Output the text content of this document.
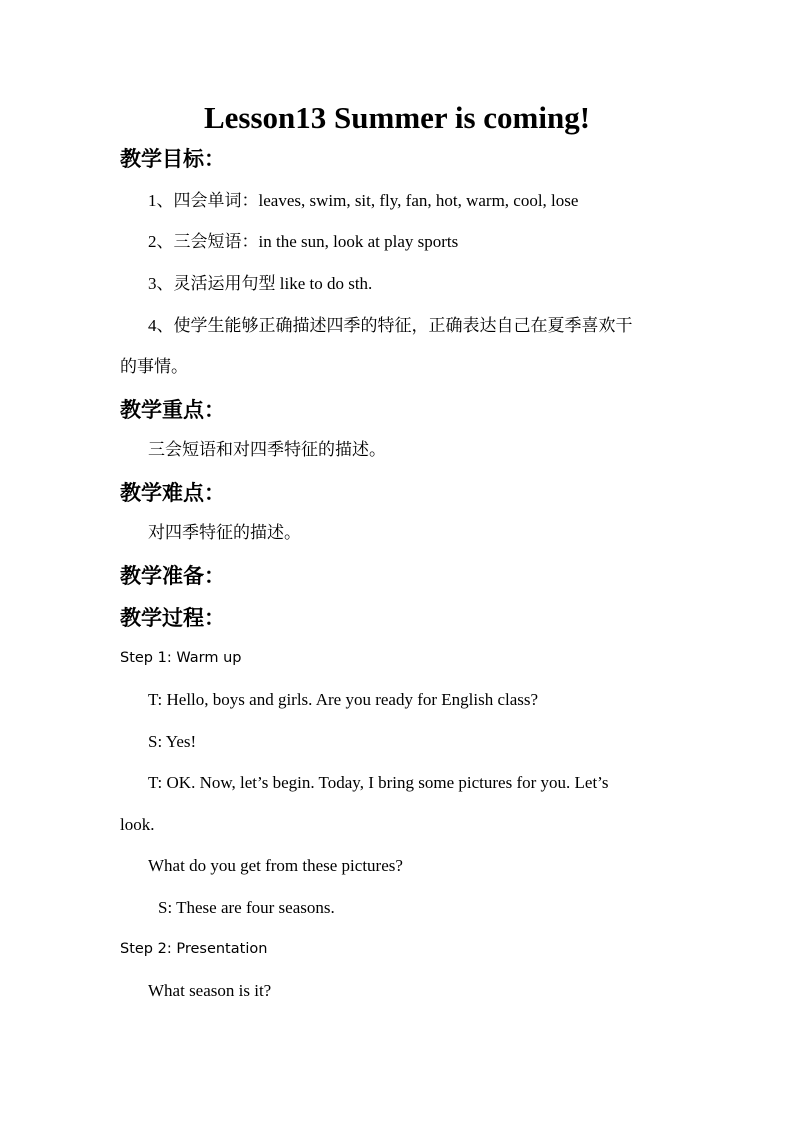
Lesson13 Summer is coming!
教学目标：
1、四会单词：leaves, swim, sit, fly, fan, hot, warm, cool, lose
2、三会短语：in the sun, look at play sports
3、灵活运用句型 like to do sth.
4、使学生能够正确描述四季的特征，正确表达自己在夏季喜欢干
的事情。
教学重点：
三会短语和对四季特征的描述。
教学难点：
对四季特征的描述。
教学准备：
教学过程：
Step 1: Warm up
T: Hello, boys and girls. Are you ready for English class?
S: Yes!
T: OK. Now, let’s begin. Today, I bring some pictures for you. Let’s
look.
What do you get from these pictures?
S: These are four seasons.
Step 2: Presentation
What season is it?
